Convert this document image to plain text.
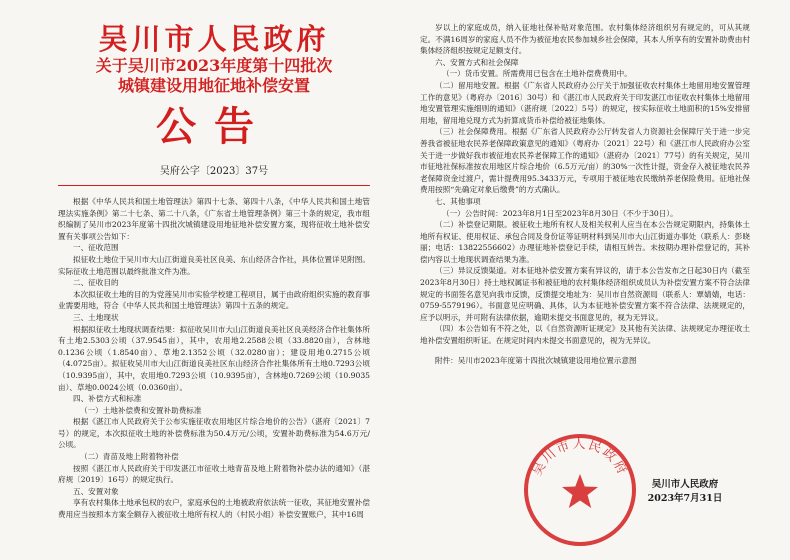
吴川市人民政府
关于吴川市2023年度第十四批次
城镇建设用地征地补偿安置
公告
吴府公字〔2023〕37号
根据《中华人民共和国土地管理法》第四十七条、第四十八条，《中华人民共和国土地管理法实施条例》第二十七条、第二十八条，《广东省土地管理条例》第三十条的规定，我市组织编制了吴川市2023年度第十四批次城镇建设用地征地补偿安置方案，现将征收土地补偿安置有关事项公告如下：
一、征收范围
拟征收土地位于吴川市大山江街道良美社区良美、东山经济合作社，具体位置详见附图。实际征收土地范围以最终批准文件为准。
二、征收目的
本次拟征收土地的目的为党莲吴川市实验学校建工程项目，属于由政府组织实施的教育事业需要用地，符合《中华人民共和国土地管理法》第四十五条的规定。
三、土地现状
根据拟征收土地现状调查结果：拟征收吴川市大山江街道良美社区良美经济合作社集体所有土地2.5303公顷（37.9545亩），其中，农用地2.2588公顷（33.8820亩），含林地0.1236公顷（1.8540亩）、草地2.1352公顷（32.0280亩）；建设用地0.2715公顷（4.0725亩）。拟征收吴川市大山江街道良美社区东山经济合作社集体所有土地0.7293公顷（10.9395亩），其中，农用地0.7293公顷（10.9395亩），含林地0.7269公顷（10.9035亩）、草地0.0024公顷（0.0360亩）。
四、补偿方式和标准
（一）土地补偿费和安置补助费标准
根据《湛江市人民政府关于公布实施征收农用地区片综合地价的公告》（湛府〔2021〕7号）的规定，本次拟征收土地的补偿费标准为50.4万元/公顷，安置补助费标准为54.6万元/公顷。
（二）青苗及地上附着物补偿
按照《湛江市人民政府关于印发湛江市征收土地青苗及地上附着物补偿办法的通知》（湛府规〔2019〕16号）的规定执行。
五、安置对象
享有农村集体土地承包权的农户，家庭承包的土地被政府依法统一征收，其征地安置补偿费用应当按照本方案全额存入被征收土地所有权人的（村民小组）补偿安置账户，其中16周
岁以上的家庭成员，纳入征地社保补贴对象范围。农村集体经济组织另有规定的，可从其规定。不满16周岁的家庭人员不作为被征地农民参加城乡社会保障，其本人所享有的安置补助费由村集体经济组织按规定足额支付。
六、安置方式和社会保障
（一）货币安置。所需费用已包含在土地补偿费费用中。
（二）留用地安置。根据《广东省人民政府办公厅关于加强征收农村集体土地留用地安置管理工作的意见》（粤府办〔2016〕30号）和《湛江市人民政府关于印发湛江市征收农村集体土地留用地安置管理实施细则的通知》（湛府规〔2022〕5号）的规定，按实际征收土地面积的15%安排留用地，留用地兑现方式为折算成货币补偿给被征地集体。
（三）社会保障费用。根据《广东省人民政府办公厅转发省人力资源社会保障厅关于进一步完善我省被征地农民养老保障政策意见的通知》（粤府办〔2021〕22号）和《湛江市人民政府办公室关于进一步做好我市被征地农民养老保障工作的通知》（湛府办〔2021〕77号）的有关规定，吴川市征地社保标准按农用地区片综合地价（6.5万元/亩）的30%一次性计提，资金存入被征地农民养老保障资金过渡户，需计提费用95.3433万元，专项用于被征地农民缴纳养老保险费用。征地社保费用按照“先确定对象后缴费”的方式确认。
七、其他事项
（一）公告时间：2023年8月1日至2023年8月30日（不少于30日）。
（二）补偿登记期限。被征收土地所有权人及相关权利人应当在本公告规定期限内，持集体土地所有权证、使用权证、承包合同及身份证等证明材料到吴川市大山江街道办事处（联系人：彭晓丽；电话：13822556602）办理征地补偿登记手续，请相互转告。未按期办理补偿登记的，其补偿内容以土地现状调查结果为准。
（三）异议反馈渠道。对本征地补偿安置方案有异议的，请于本公告发布之日起30日内（截至2023年8月30日）持土地权属证书和被征地的农村集体经济组织成员认为补偿安置方案不符合法律规定的书面签名意见向我市反馈，反馈提交地址为：吴川市自然资源局（联系人：覃婧婧，电话：0759-5579196）。书面意见应明确、具体，认为本征地补偿安置方案不符合法律、法规规定的，应予以明示，并可附有法律依据，逾期未提交书面意见的，视为无异议。
（四）本公告如有不符之处，以《自然资源听证规定》及其他有关法律、法规规定办理征收土地补偿安置组织听证。在规定时间内未提交书面意见的，视为无异议。
附件：吴川市2023年度第十四批次城镇建设用地位置示意图
吴川市人民政府
吴川市人民政府
2023年7月31日
